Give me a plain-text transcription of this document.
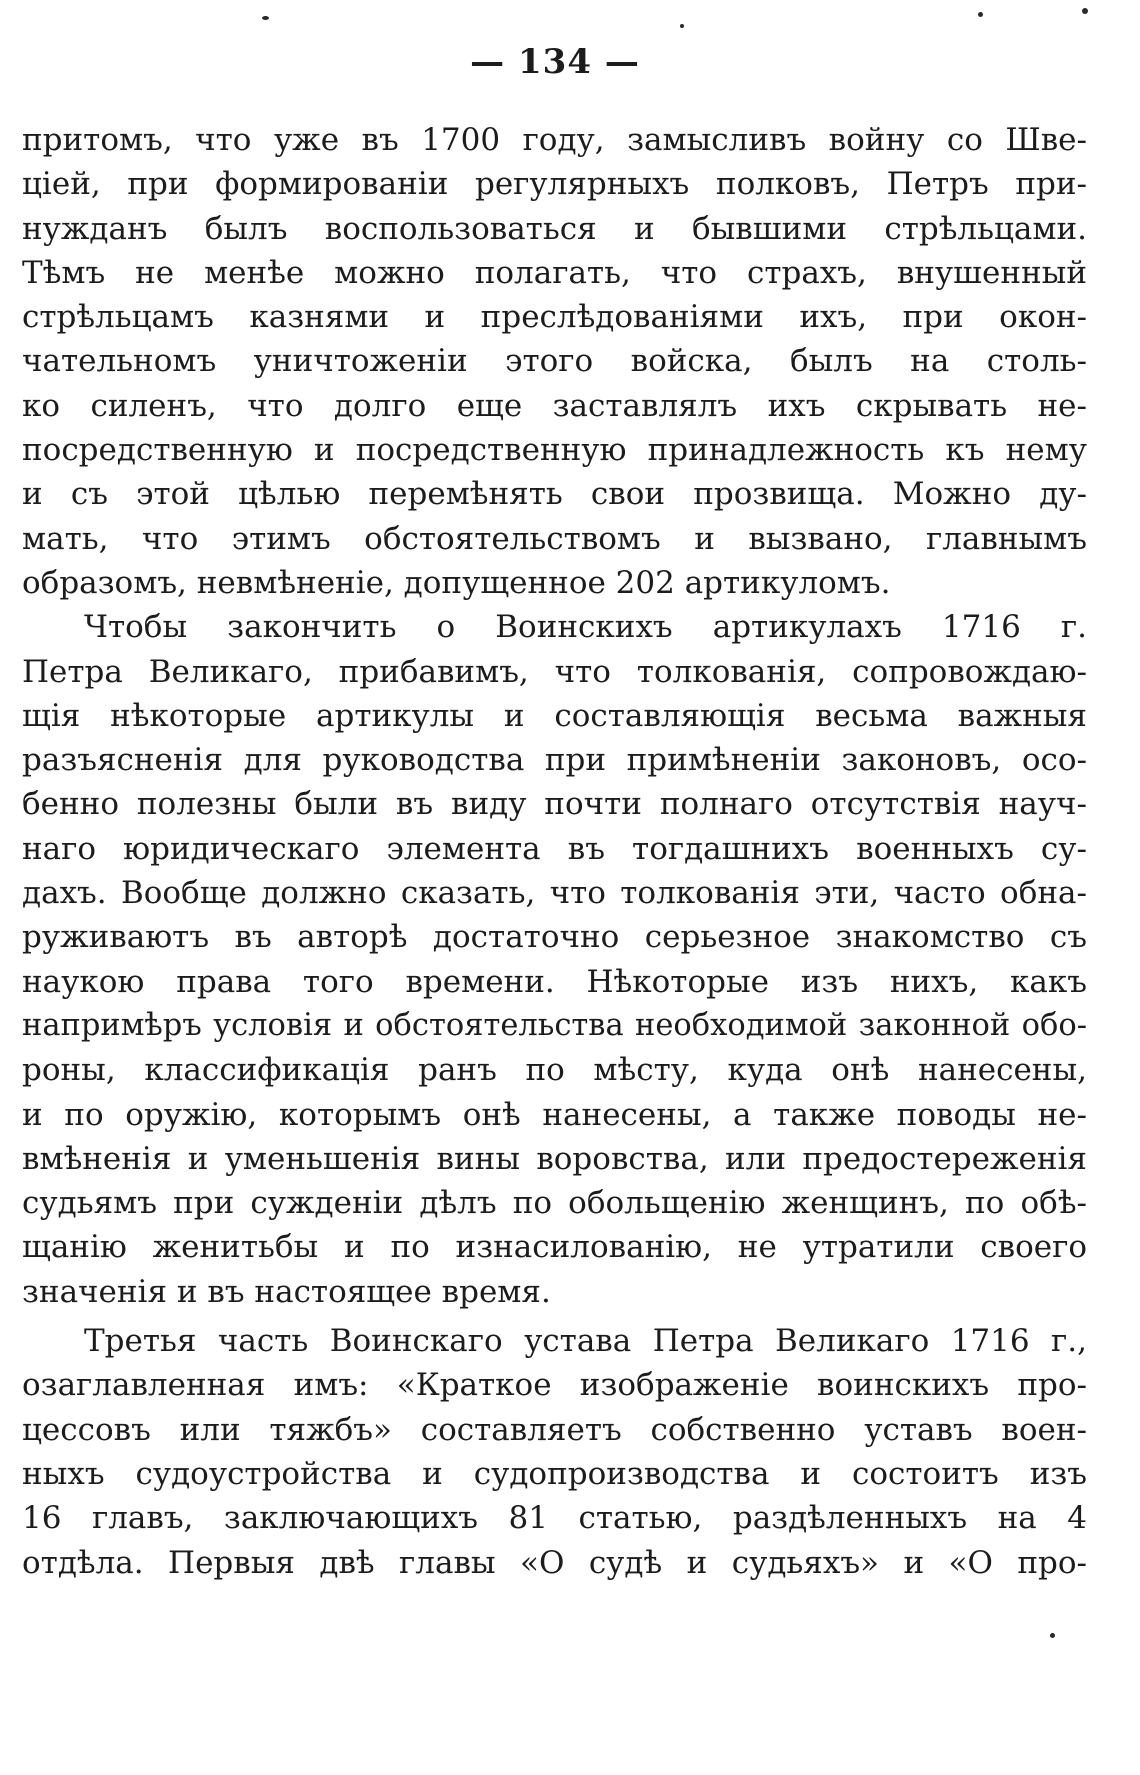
— 134 —
притомъ, что уже въ 1700 году, замысливъ войну со Шве-
ціей, при формированіи регулярныхъ полковъ, Петръ при-
нужданъ былъ воспользоваться и бывшими стрѣльцами.
Тѣмъ не менѣе можно полагать, что страхъ, внушенный
стрѣльцамъ казнями и преслѣдованіями ихъ, при окон-
чательномъ уничтоженіи этого войска, былъ на столь-
ко силенъ, что долго еще заставлялъ ихъ скрывать не-
посредственную и посредственную принадлежность къ нему
и съ этой цѣлью перемѣнять свои прозвища. Можно ду-
мать, что этимъ обстоятельствомъ и вызвано, главнымъ
образомъ, невмѣненіе, допущенное 202 артикуломъ.
Чтобы закончить о Воинскихъ артикулахъ 1716 г.
Петра Великаго, прибавимъ, что толкованія, сопровождаю-
щія нѣкоторые артикулы и составляющія весьма важныя
разъясненія для руководства при примѣненіи законовъ, осо-
бенно полезны были въ виду почти полнаго отсутствія науч-
наго юридическаго элемента въ тогдашнихъ военныхъ су-
дахъ. Вообще должно сказать, что толкованія эти, часто обна-
руживаютъ въ авторѣ достаточно серьезное знакомство съ
наукою права того времени. Нѣкоторые изъ нихъ, какъ
напримѣръ условія и обстоятельства необходимой законной обо-
роны, классификація ранъ по мѣсту, куда онѣ нанесены,
и по оружію, которымъ онѣ нанесены, а также поводы не-
вмѣненія и уменьшенія вины воровства, или предостереженія
судьямъ при сужденіи дѣлъ по обольщенію женщинъ, по обѣ-
щанію женитьбы и по изнасилованію, не утратили своего
значенія и въ настоящее время.
Третья часть Воинскаго устава Петра Великаго 1716 г.,
озаглавленная имъ: «Краткое изображеніе воинскихъ про-
цессовъ или тяжбъ» составляетъ собственно уставъ воен-
ныхъ судоустройства и судопроизводства и состоитъ изъ
16 главъ, заключающихъ 81 статью, раздѣленныхъ на 4
отдѣла. Первыя двѣ главы «О судѣ и судьяхъ» и «О про-
